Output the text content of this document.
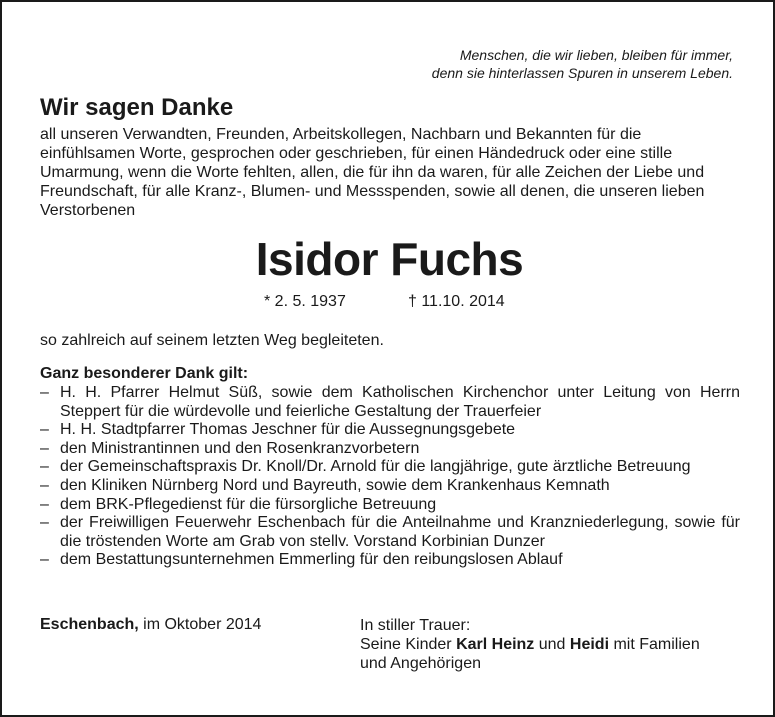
Menschen, die wir lieben, bleiben für immer,
denn sie hinterlassen Spuren in unserem Leben.
Wir sagen Danke
all unseren Verwandten, Freunden, Arbeitskollegen, Nachbarn und Bekannten für die einfühlsamen Worte, gesprochen oder geschrieben, für einen Händedruck oder eine stille Umarmung, wenn die Worte fehlten, allen, die für ihn da waren, für alle Zeichen der Liebe und Freundschaft, für alle Kranz-, Blumen- und Messspenden, sowie all denen, die unseren lieben Verstorbenen
Isidor Fuchs
* 2. 5. 1937	† 11.10. 2014
so zahlreich auf seinem letzten Weg begleiteten.
Ganz besonderer Dank gilt:
– H. H. Pfarrer Helmut Süß, sowie dem Katholischen Kirchenchor unter Leitung von Herrn Steppert für die würdevolle und feierliche Gestaltung der Trauerfeier
– H. H. Stadtpfarrer Thomas Jeschner für die Aussegnungsgebete
– den Ministrantinnen und den Rosenkranzvorbetern
– der Gemeinschaftspraxis Dr. Knoll/Dr. Arnold für die langjährige, gute ärztliche Betreuung
– den Kliniken Nürnberg Nord und Bayreuth, sowie dem Krankenhaus Kemnath
– dem BRK-Pflegedienst für die fürsorgliche Betreuung
– der Freiwilligen Feuerwehr Eschenbach für die Anteilnahme und Kranzniederlegung, sowie für die tröstenden Worte am Grab von stellv. Vorstand Korbinian Dunzer
– dem Bestattungsunternehmen Emmerling für den reibungslosen Ablauf
Eschenbach, im Oktober 2014	In stiller Trauer:
Seine Kinder Karl Heinz und Heidi mit Familien
und Angehörigen
